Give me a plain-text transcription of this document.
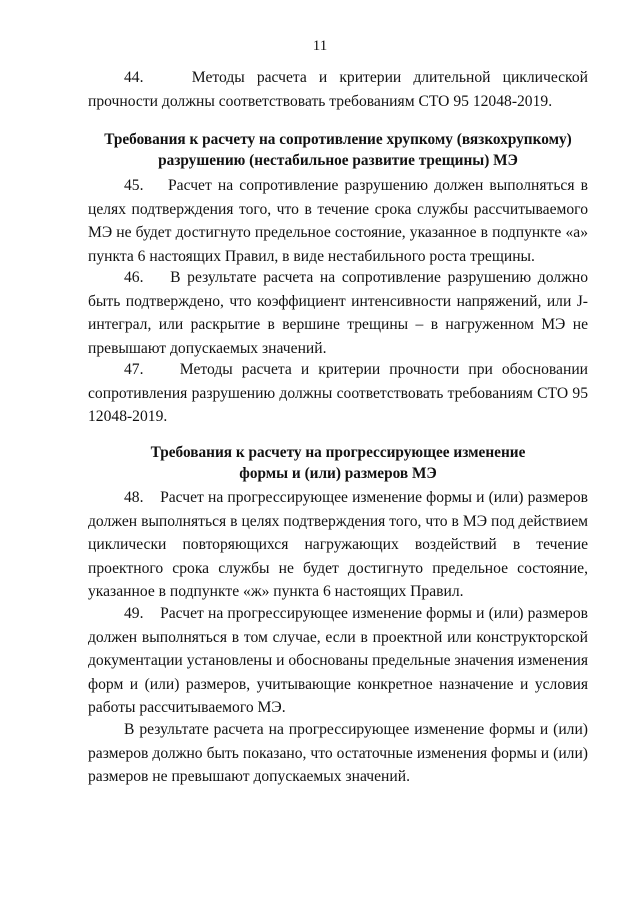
11
44.    Методы расчета и критерии длительной циклической прочности должны соответствовать требованиям СТО 95 12048-2019.
Требования к расчету на сопротивление хрупкому (вязкохрупкому)
разрушению (нестабильное развитие трещины) МЭ
45.    Расчет на сопротивление разрушению должен выполняться в целях подтверждения того, что в течение срока службы рассчитываемого МЭ не будет достигнуто предельное состояние, указанное в подпункте «а» пункта 6 настоящих Правил, в виде нестабильного роста трещины.
46.    В результате расчета на сопротивление разрушению должно быть подтверждено, что коэффициент интенсивности напряжений, или J-интеграл, или раскрытие в вершине трещины – в нагруженном МЭ не превышают допускаемых значений.
47.    Методы расчета и критерии прочности при обосновании сопротивления разрушению должны соответствовать требованиям СТО 95 12048-2019.
Требования к расчету на прогрессирующее изменение
формы и (или) размеров МЭ
48.    Расчет на прогрессирующее изменение формы и (или) размеров должен выполняться в целях подтверждения того, что в МЭ под действием циклически повторяющихся нагружающих воздействий в течение проектного срока службы не будет достигнуто предельное состояние, указанное в подпункте «ж» пункта 6 настоящих Правил.
49.    Расчет на прогрессирующее изменение формы и (или) размеров должен выполняться в том случае, если в проектной или конструкторской документации установлены и обоснованы предельные значения изменения форм и (или) размеров, учитывающие конкретное назначение и условия работы рассчитываемого МЭ.
В результате расчета на прогрессирующее изменение формы и (или) размеров должно быть показано, что остаточные изменения формы и (или) размеров не превышают допускаемых значений.
